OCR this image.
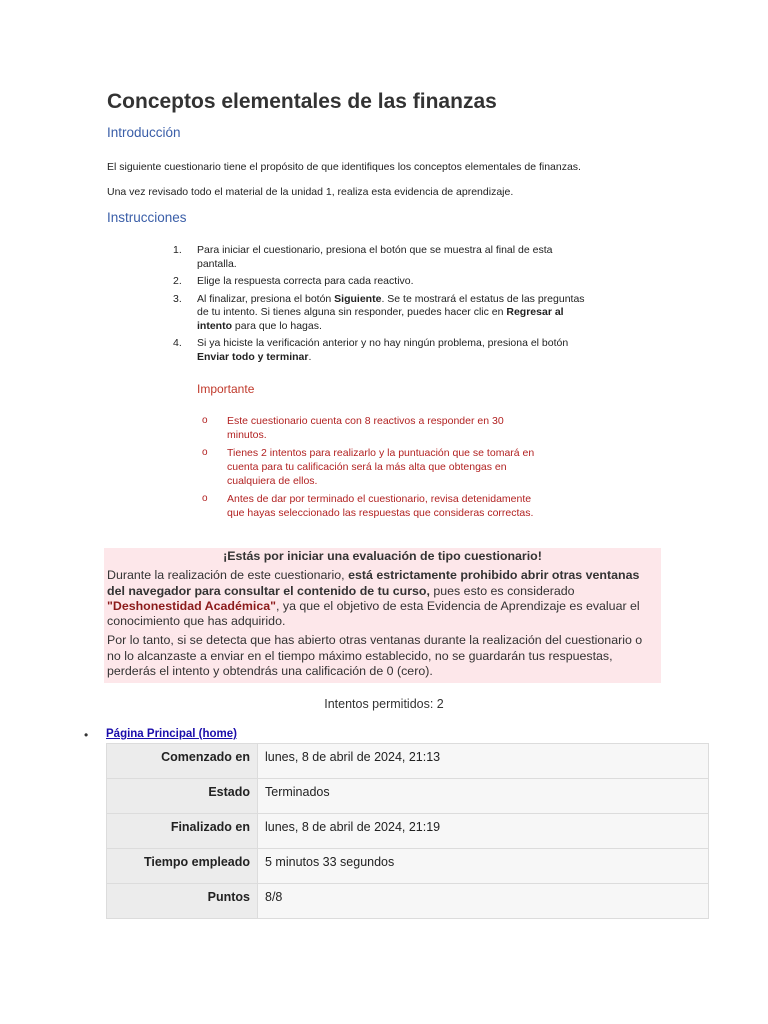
Conceptos elementales de las finanzas
Introducción

El siguiente cuestionario tiene el propósito de que identifiques los conceptos elementales de finanzas.

Una vez revisado todo el material de la unidad 1, realiza esta evidencia de aprendizaje.

Instrucciones
1. Para iniciar el cuestionario, presiona el botón que se muestra al final de esta pantalla.
2. Elige la respuesta correcta para cada reactivo.
3. Al finalizar, presiona el botón Siguiente. Se te mostrará el estatus de las preguntas de tu intento. Si tienes alguna sin responder, puedes hacer clic en Regresar al intento para que lo hagas.
4. Si ya hiciste la verificación anterior y no hay ningún problema, presiona el botón Enviar todo y terminar.
Importante
o Este cuestionario cuenta con 8 reactivos a responder en 30 minutos.
o Tienes 2 intentos para realizarlo y la puntuación que se tomará en cuenta para tu calificación será la más alta que obtengas en cualquiera de ellos.
o Antes de dar por terminado el cuestionario, revisa detenidamente que hayas seleccionado las respuestas que consideras correctas.

¡Estás por iniciar una evaluación de tipo cuestionario!

Durante la realización de este cuestionario, está estrictamente prohibido abrir otras ventanas del navegador para consultar el contenido de tu curso, pues esto es considerado "Deshonestidad Académica", ya que el objetivo de esta Evidencia de Aprendizaje es evaluar el conocimiento que has adquirido.

Por lo tanto, si se detecta que has abierto otras ventanas durante la realización del cuestionario o no lo alcanzaste a enviar en el tiempo máximo establecido, no se guardarán tus respuestas, perderás el intento y obtendrás una calificación de 0 (cero).

Intentos permitidos: 2
• Página Principal (home)
Comenzado en	lunes, 8 de abril de 2024, 21:13
Estado	Terminados
Finalizado en	lunes, 8 de abril de 2024, 21:19
Tiempo empleado	5 minutos 33 segundos
Puntos	8/8
